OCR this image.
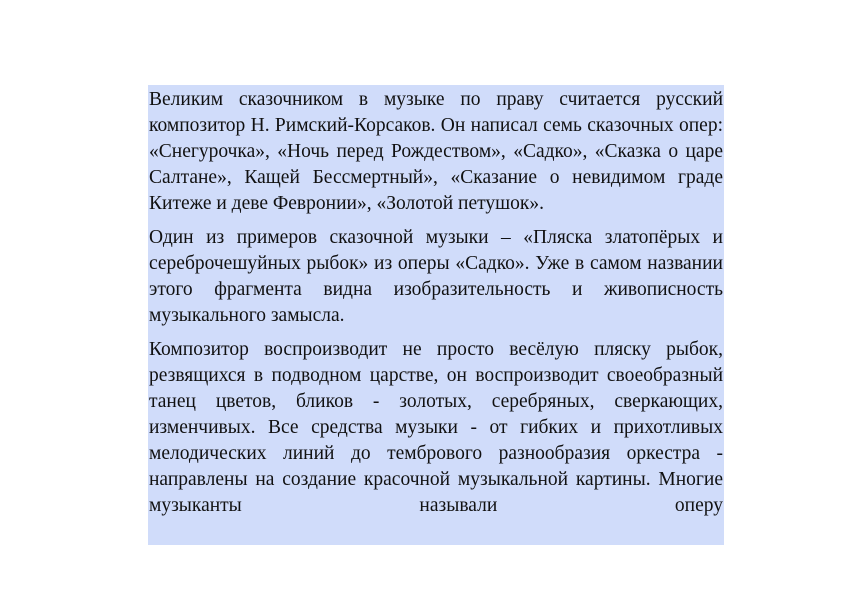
Великим сказочником в музыке по праву считается русский композитор Н. Римский-Корсаков. Он написал семь сказочных опер: «Снегурочка», «Ночь перед Рождеством», «Садко», «Сказка о царе Салтане», Кащей Бессмертный», «Сказание о невидимом граде Китеже и деве Февронии», «Золотой петушок».

Один из примеров сказочной музыки – «Пляска златопёрых и сереброчешуйных рыбок» из оперы «Садко». Уже в самом названии этого фрагмента видна изобразительность и живописность музыкального замысла.

Композитор воспроизводит не просто весёлую пляску рыбок, резвящихся в подводном царстве, он воспроизводит своеобразный танец цветов, бликов - золотых, серебряных, сверкающих, изменчивых. Все средства музыки - от гибких и прихотливых мелодических линий до тембрового разнообразия оркестра - направлены на создание красочной музыкальной картины. Многие музыканты называли оперу
